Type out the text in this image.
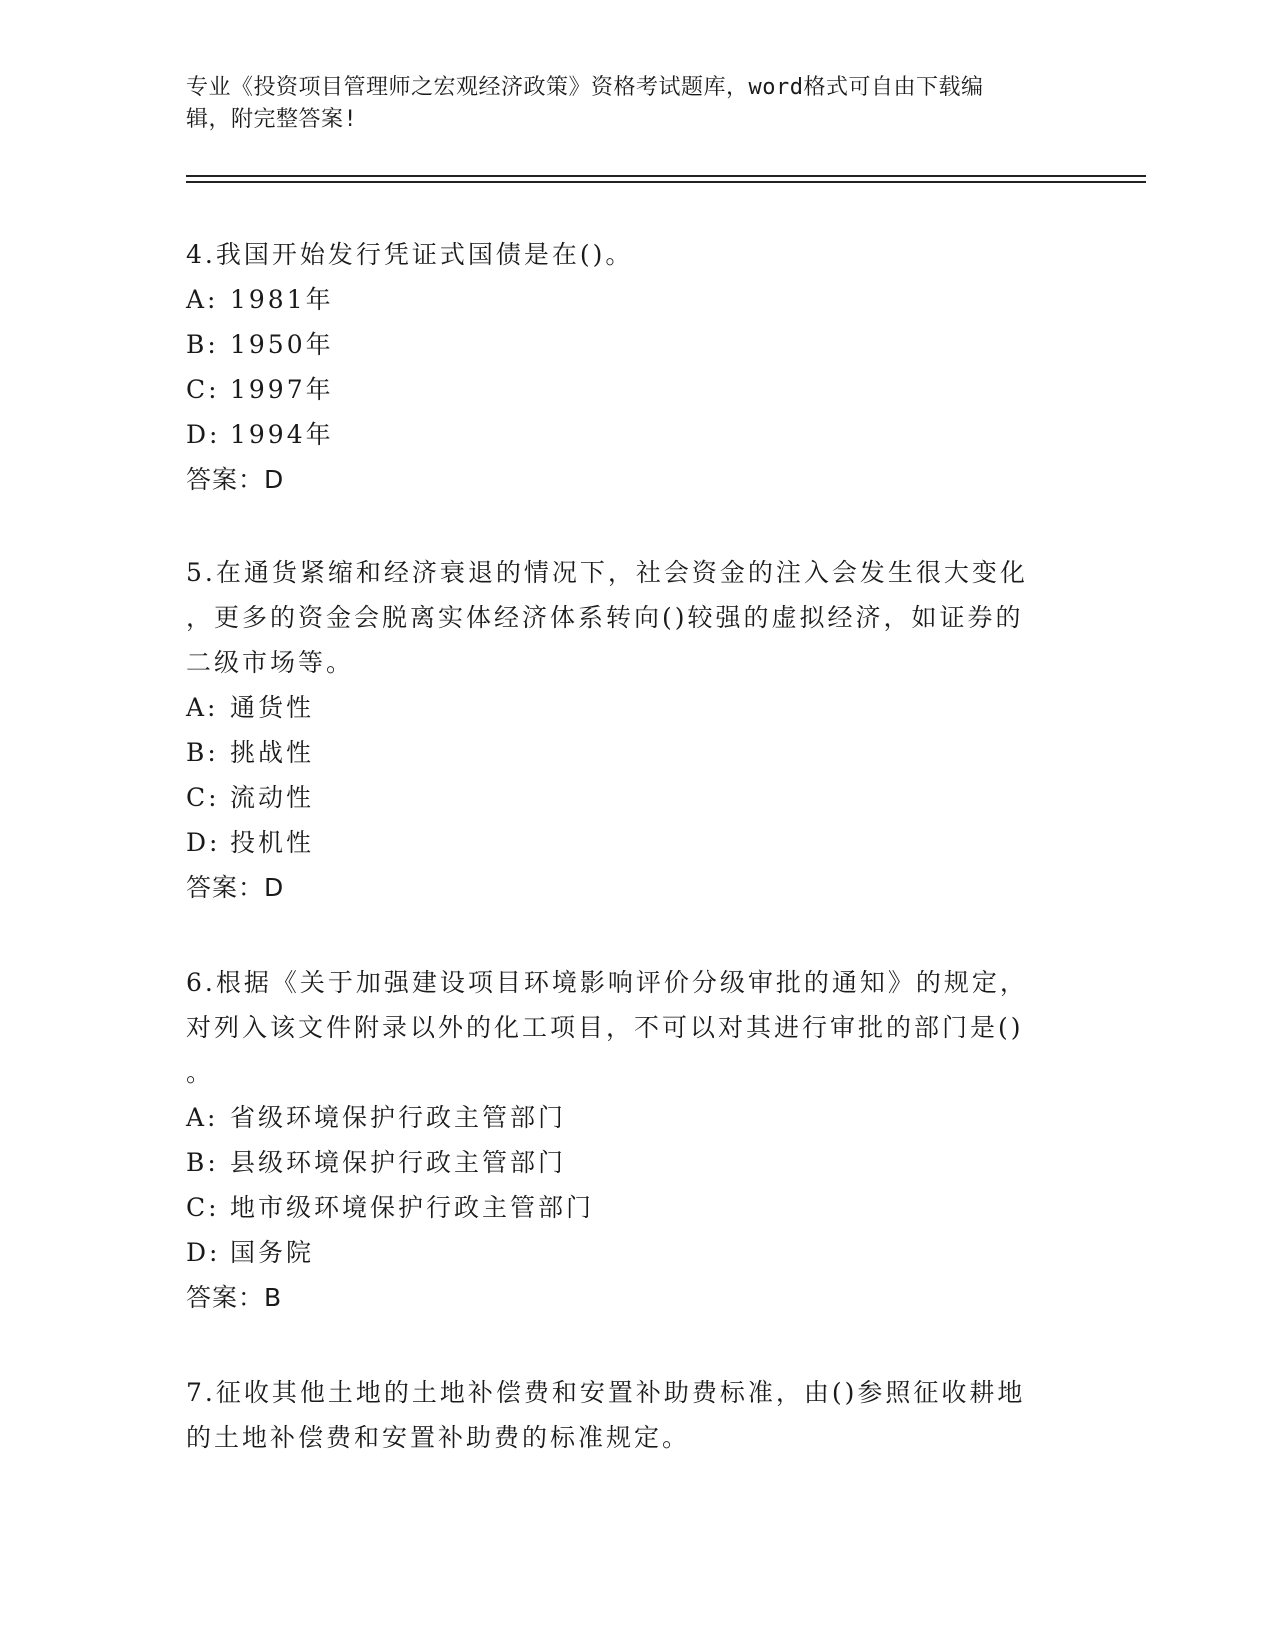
专业《投资项目管理师之宏观经济政策》资格考试题库，word格式可自由下载编
辑，附完整答案!

4.我国开始发行凭证式国债是在()。

A: 1981年

B: 1950年

C: 1997年

D: 1994年

答案：D

5.在通货紧缩和经济衰退的情况下，社会资金的注入会发生很大变化

，更多的资金会脱离实体经济体系转向()较强的虚拟经济，如证券的

二级市场等。

A: 通货性

B: 挑战性

C: 流动性

D: 投机性

答案：D

6.根据《关于加强建设项目环境影响评价分级审批的通知》的规定，

对列入该文件附录以外的化工项目，不可以对其进行审批的部门是()

。

A: 省级环境保护行政主管部门

B: 县级环境保护行政主管部门

C: 地市级环境保护行政主管部门

D: 国务院

答案：B

7.征收其他土地的土地补偿费和安置补助费标准，由()参照征收耕地

的土地补偿费和安置补助费的标准规定。
